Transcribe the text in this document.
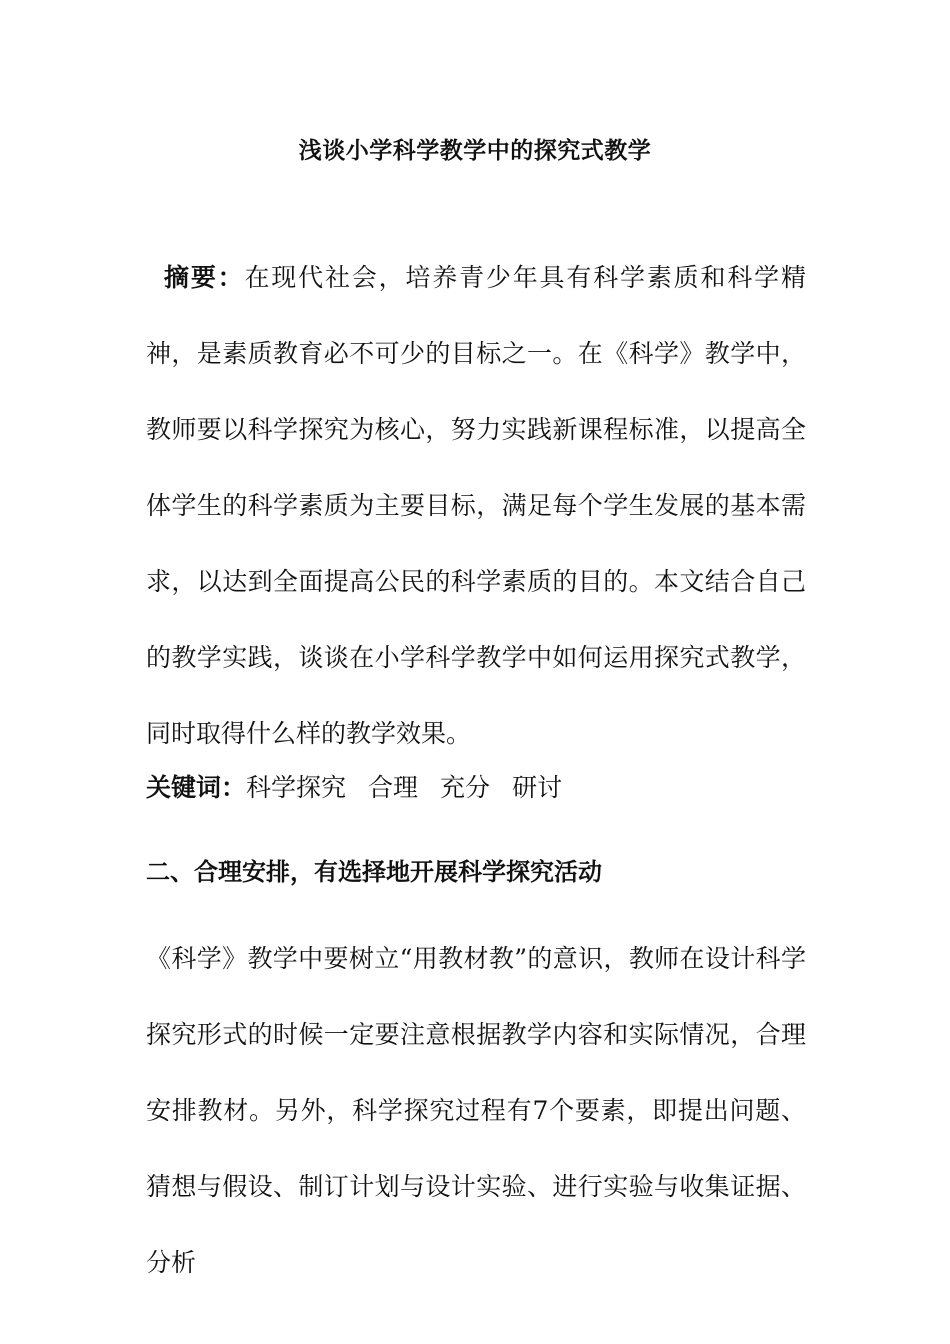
浅谈小学科学教学中的探究式教学
摘要：在现代社会，培养青少年具有科学素质和科学精神，是素质教育必不可少的目标之一。在《科学》教学中，教师要以科学探究为核心，努力实践新课程标准，以提高全体学生的科学素质为主要目标，满足每个学生发展的基本需求，以达到全面提高公民的科学素质的目的。本文结合自己的教学实践，谈谈在小学科学教学中如何运用探究式教学，同时取得什么样的教学效果。
关键词：科学探究 合理 充分 研讨
二、合理安排，有选择地开展科学探究活动
《科学》教学中要树立“用教材教”的意识，教师在设计科学探究形式的时候一定要注意根据教学内容和实际情况，合理安排教材。另外，科学探究过程有7个要素，即提出问题、猜想与假设、制订计划与设计实验、进行实验与收集证据、分析
